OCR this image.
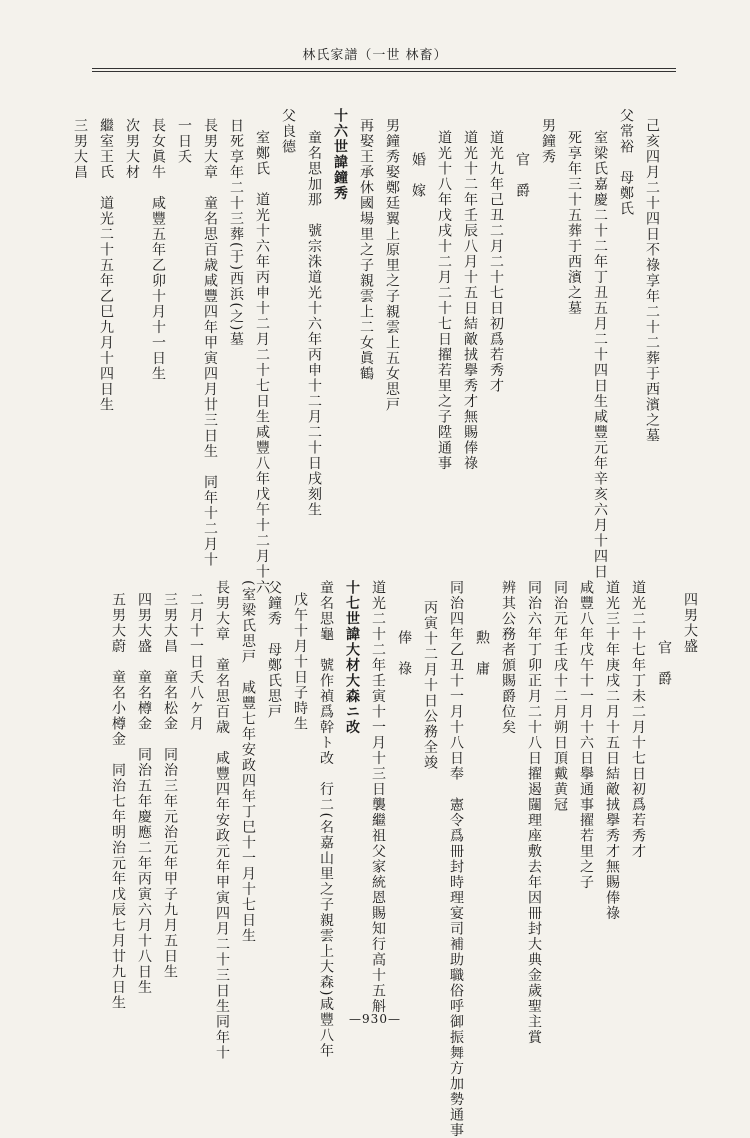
林氏家譜（一世 林畜）
己亥四月二十四日不祿享年二十二葬于西濱之墓
父常裕　母鄭氏
室梁氏嘉慶二十二年丁丑五月二十四日生咸豐元年辛亥六月十四日
死享年三十五葬于西濱之墓
男鐘秀
官　爵
道光九年己丑二月二十七日初爲若秀才
道光十二年壬辰八月十五日結敵𢫨擧秀才無賜俸祿
道光十八年戊戌十二月二十七日擢若里之子陞通事
婚　嫁
男鐘秀娶鄭廷翼上原里之子親雲上五女思戸
再娶王承休國場里之子親雲上二女眞鶴
十六世諱鐘秀
童名思加那　號宗洙道光十六年丙申十二月二十日戌刻生
父良德
室鄭氏　道光十六年丙申十二月二十七日生咸豐八年戊午十二月十六
日死享年二十三葬(于)西浜(之)墓
長男大章　童名思百歳咸豐四年甲寅四月廿三日生　同年十二月十
一日夭
長女眞牛　咸豐五年乙卯十月十一日生
次男大材
繼室王氏　道光二十五年乙巳九月十四日生
三男大昌
四男大盛
官　爵
道光二十七年丁未二月十七日初爲若秀才
道光三十年庚戌二月十五日結敵𢫨擧秀才無賜俸祿
咸豐八年戊午十一月十六日擧通事擢若里之子
同治元年壬戌十二月朔日頂戴黄冠
同治六年丁卯正月二十八日擢遏闥理座敷去年因冊封大典金歲聖主賞
辨其公務者頒賜爵位矣
勲　庸
同治四年乙丑十一月十八日奉　憲令爲冊封時理宴司補助職俗呼御振舞方加勢通事
丙寅十二月十日公務全竣
俸　祿
道光二十二年壬寅十一月十三日襲繼祖父家統恩賜知行高十五斛
十七世諱大材大森ニ改
童名思龜　號作禎爲幹ト改　行二(名嘉山里之子親雲上大森)咸豐八年
戊午十月十日子時生
父鐘秀　母鄭氏思戸
(室梁氏思戸　咸豐七年安政四年丁巳十一月十七日生
長男大章　童名思百歳　咸豐四年安政元年甲寅四月二十三日生同年十
二月十一日夭八ケ月
三男大昌　童名松金　同治三年元治元年甲子九月五日生
四男大盛　童名樽金　同治五年慶應二年丙寅六月十八日生
五男大蔚　童名小樽金　同治七年明治元年戊辰七月廿九日生
—930—
